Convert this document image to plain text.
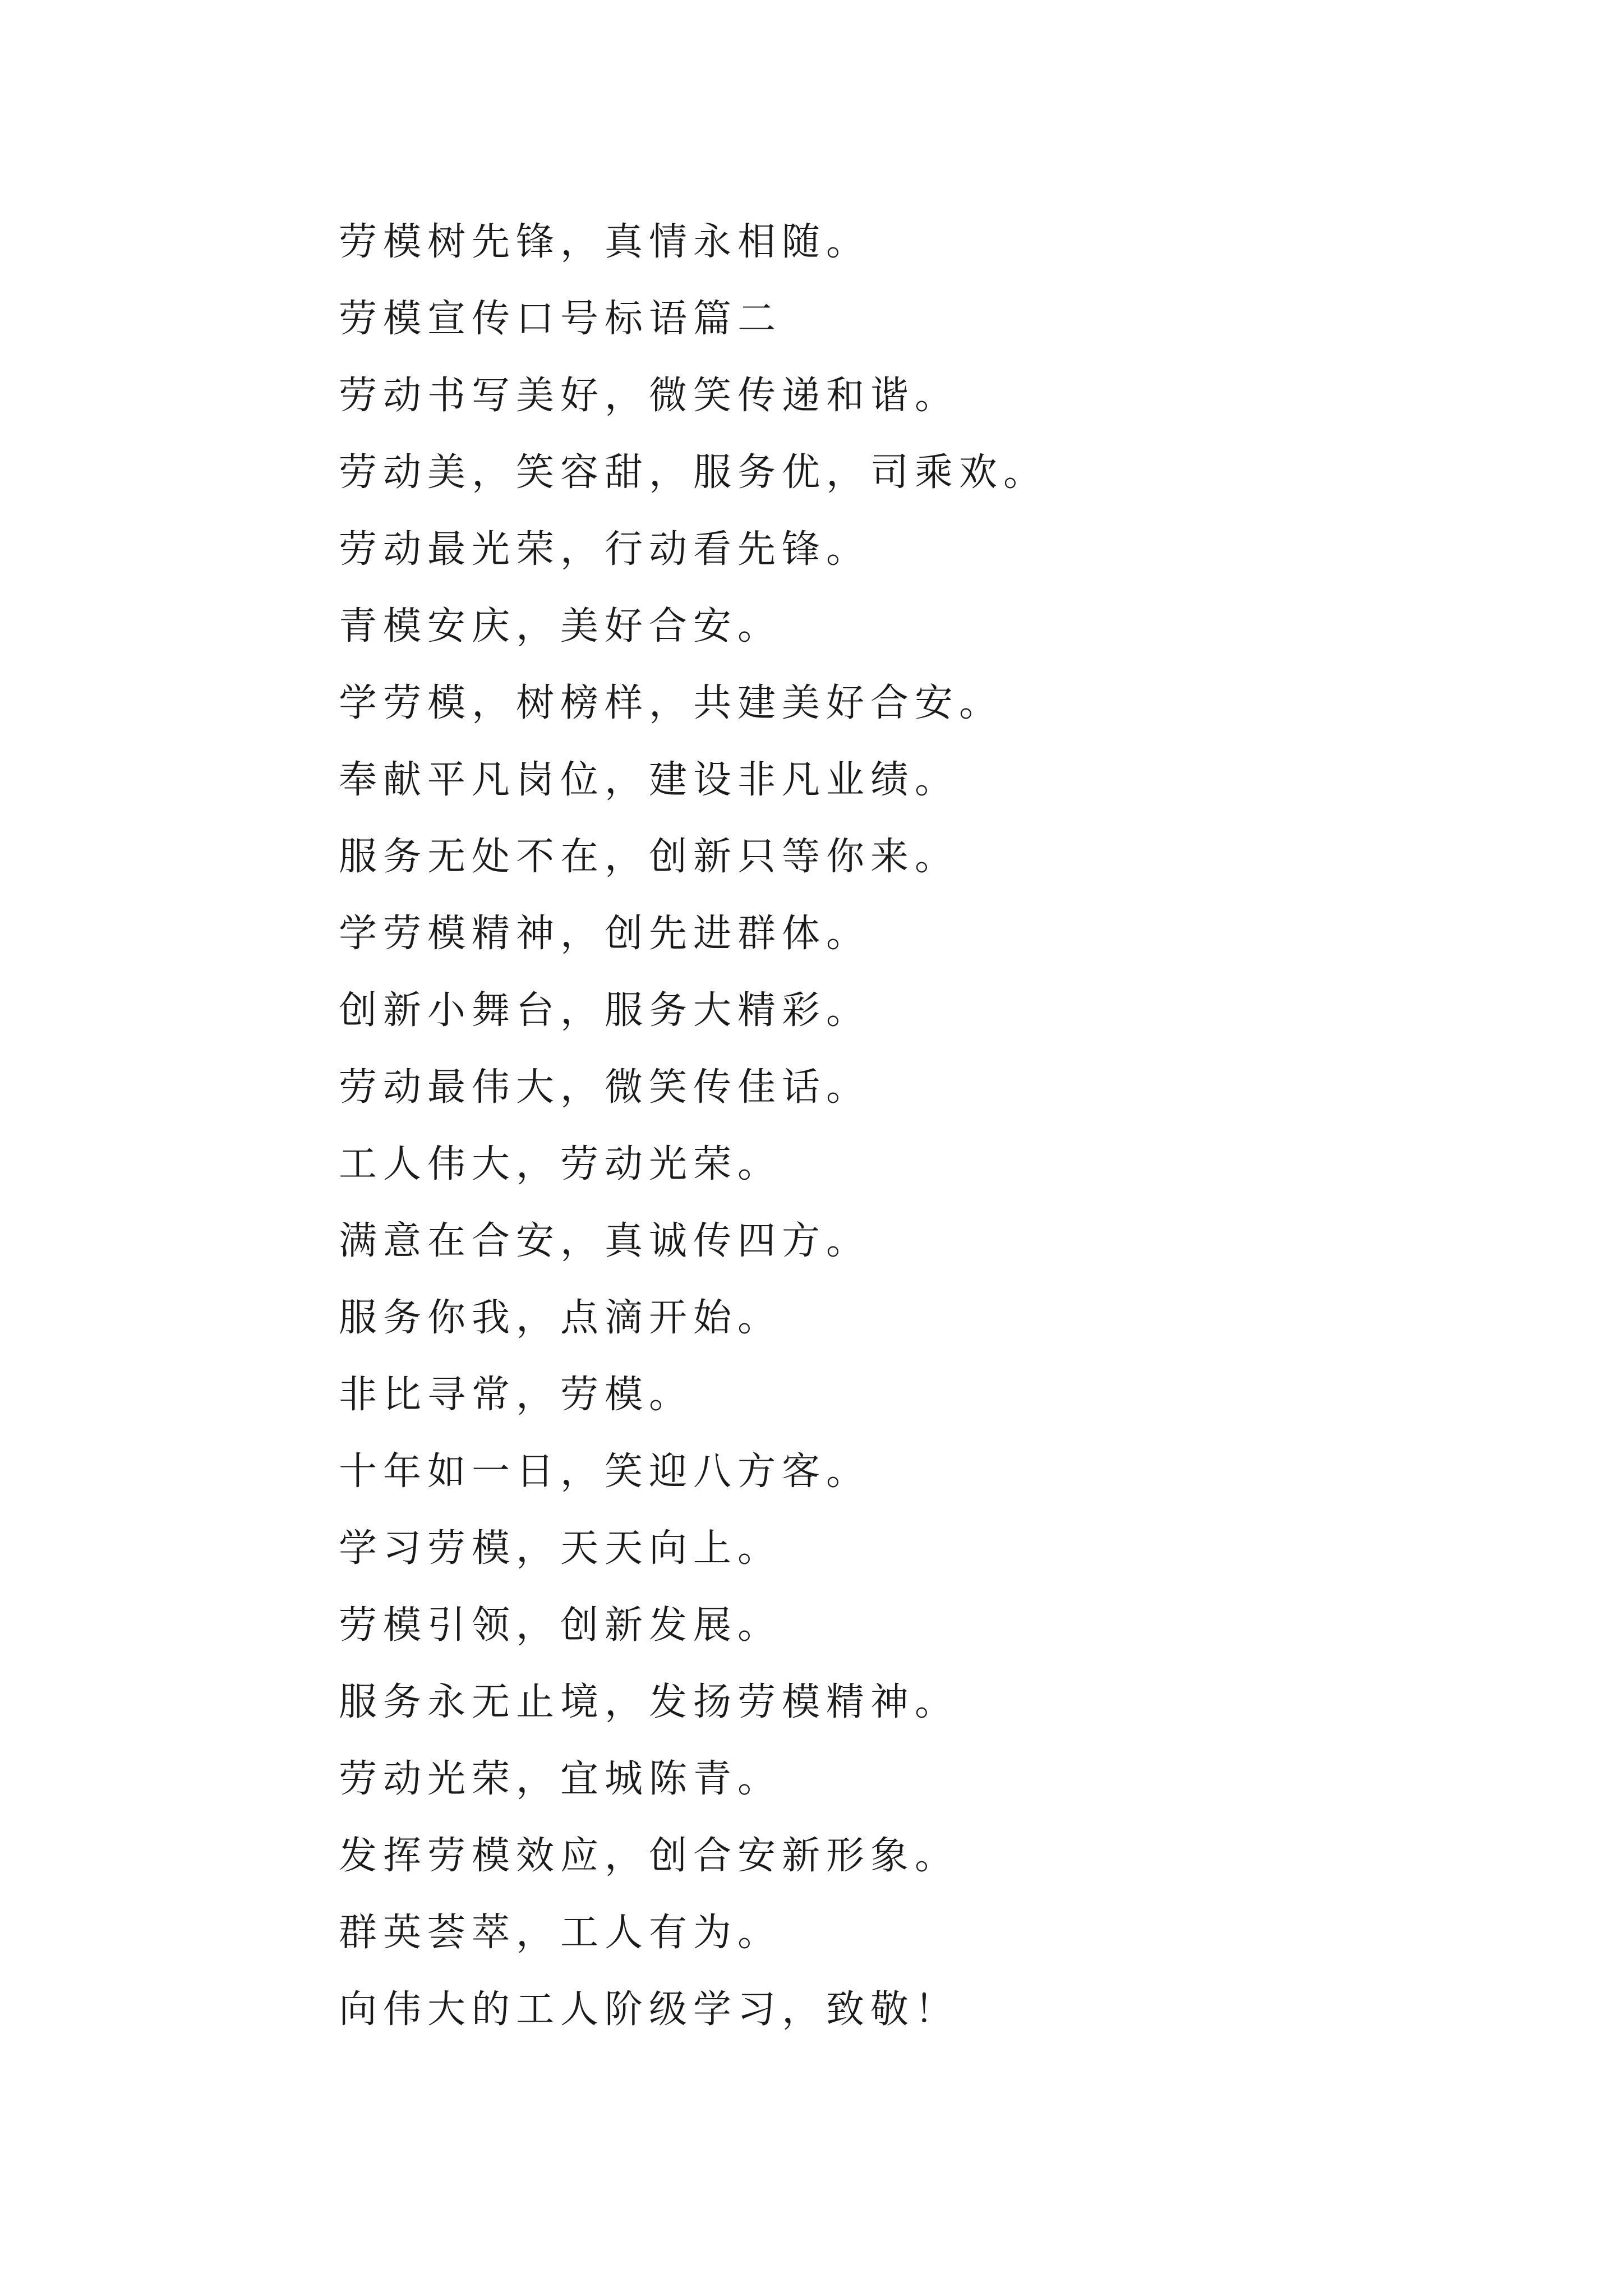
劳模树先锋，真情永相随。

劳模宣传口号标语篇二

劳动书写美好，微笑传递和谐。

劳动美，笑容甜，服务优，司乘欢。

劳动最光荣，行动看先锋。

青模安庆，美好合安。

学劳模，树榜样，共建美好合安。

奉献平凡岗位，建设非凡业绩。

服务无处不在，创新只等你来。

学劳模精神，创先进群体。

创新小舞台，服务大精彩。

劳动最伟大，微笑传佳话。

工人伟大，劳动光荣。

满意在合安，真诚传四方。

服务你我，点滴开始。

非比寻常，劳模。

十年如一日，笑迎八方客。

学习劳模，天天向上。

劳模引领，创新发展。

服务永无止境，发扬劳模精神。

劳动光荣，宜城陈青。

发挥劳模效应，创合安新形象。

群英荟萃，工人有为。

向伟大的工人阶级学习，致敬！
